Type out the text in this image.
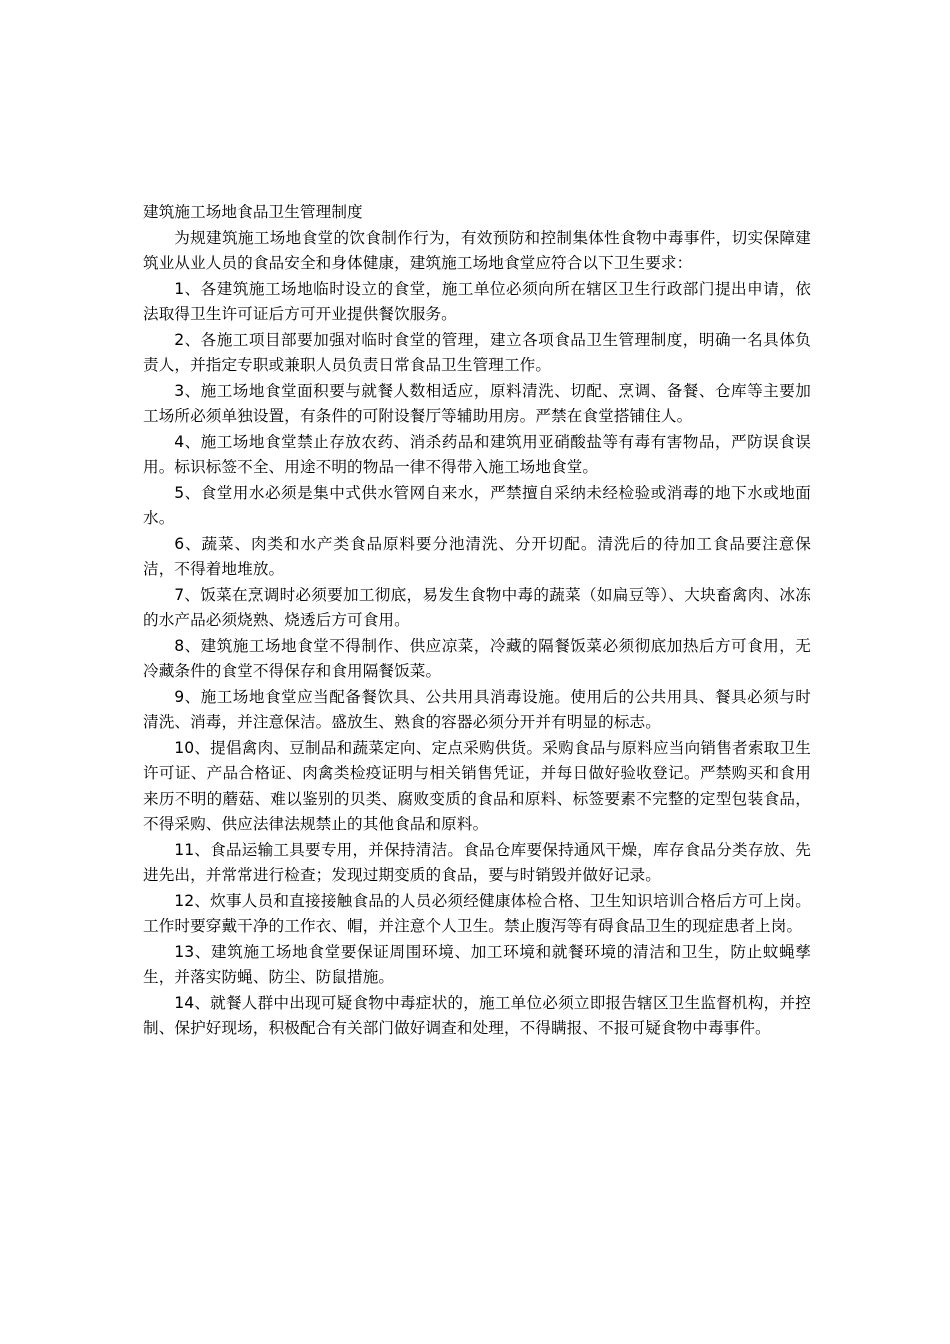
建筑施工场地食品卫生管理制度

为规建筑施工场地食堂的饮食制作行为，有效预防和控制集体性食物中毒事件，切实保障建筑业从业人员的食品安全和身体健康，建筑施工场地食堂应符合以下卫生要求：

1、各建筑施工场地临时设立的食堂，施工单位必须向所在辖区卫生行政部门提出申请，依法取得卫生许可证后方可开业提供餐饮服务。

2、各施工项目部要加强对临时食堂的管理，建立各项食品卫生管理制度，明确一名具体负责人，并指定专职或兼职人员负责日常食品卫生管理工作。

3、施工场地食堂面积要与就餐人数相适应，原料清洗、切配、烹调、备餐、仓库等主要加工场所必须单独设置，有条件的可附设餐厅等辅助用房。严禁在食堂搭铺住人。

4、施工场地食堂禁止存放农药、消杀药品和建筑用亚硝酸盐等有毒有害物品，严防误食误用。标识标签不全、用途不明的物品一律不得带入施工场地食堂。

5、食堂用水必须是集中式供水管网自来水，严禁擅自采纳未经检验或消毒的地下水或地面水。

6、蔬菜、肉类和水产类食品原料要分池清洗、分开切配。清洗后的待加工食品要注意保洁，不得着地堆放。

7、饭菜在烹调时必须要加工彻底，易发生食物中毒的蔬菜（如扁豆等）、大块畜禽肉、冰冻的水产品必须烧熟、烧透后方可食用。

8、建筑施工场地食堂不得制作、供应凉菜，冷藏的隔餐饭菜必须彻底加热后方可食用，无冷藏条件的食堂不得保存和食用隔餐饭菜。

9、施工场地食堂应当配备餐饮具、公共用具消毒设施。使用后的公共用具、餐具必须与时清洗、消毒，并注意保洁。盛放生、熟食的容器必须分开并有明显的标志。

10、提倡禽肉、豆制品和蔬菜定向、定点采购供货。采购食品与原料应当向销售者索取卫生许可证、产品合格证、肉禽类检疫证明与相关销售凭证，并每日做好验收登记。严禁购买和食用来历不明的蘑菇、难以鉴别的贝类、腐败变质的食品和原料、标签要素不完整的定型包装食品，不得采购、供应法律法规禁止的其他食品和原料。

11、食品运输工具要专用，并保持清洁。食品仓库要保持通风干燥，库存食品分类存放、先进先出，并常常进行检查；发现过期变质的食品，要与时销毁并做好记录。

12、炊事人员和直接接触食品的人员必须经健康体检合格、卫生知识培训合格后方可上岗。工作时要穿戴干净的工作衣、帽，并注意个人卫生。禁止腹泻等有碍食品卫生的现症患者上岗。

13、建筑施工场地食堂要保证周围环境、加工环境和就餐环境的清洁和卫生，防止蚊蝇孳生，并落实防蝇、防尘、防鼠措施。

14、就餐人群中出现可疑食物中毒症状的，施工单位必须立即报告辖区卫生监督机构，并控制、保护好现场，积极配合有关部门做好调查和处理，不得瞒报、不报可疑食物中毒事件。
